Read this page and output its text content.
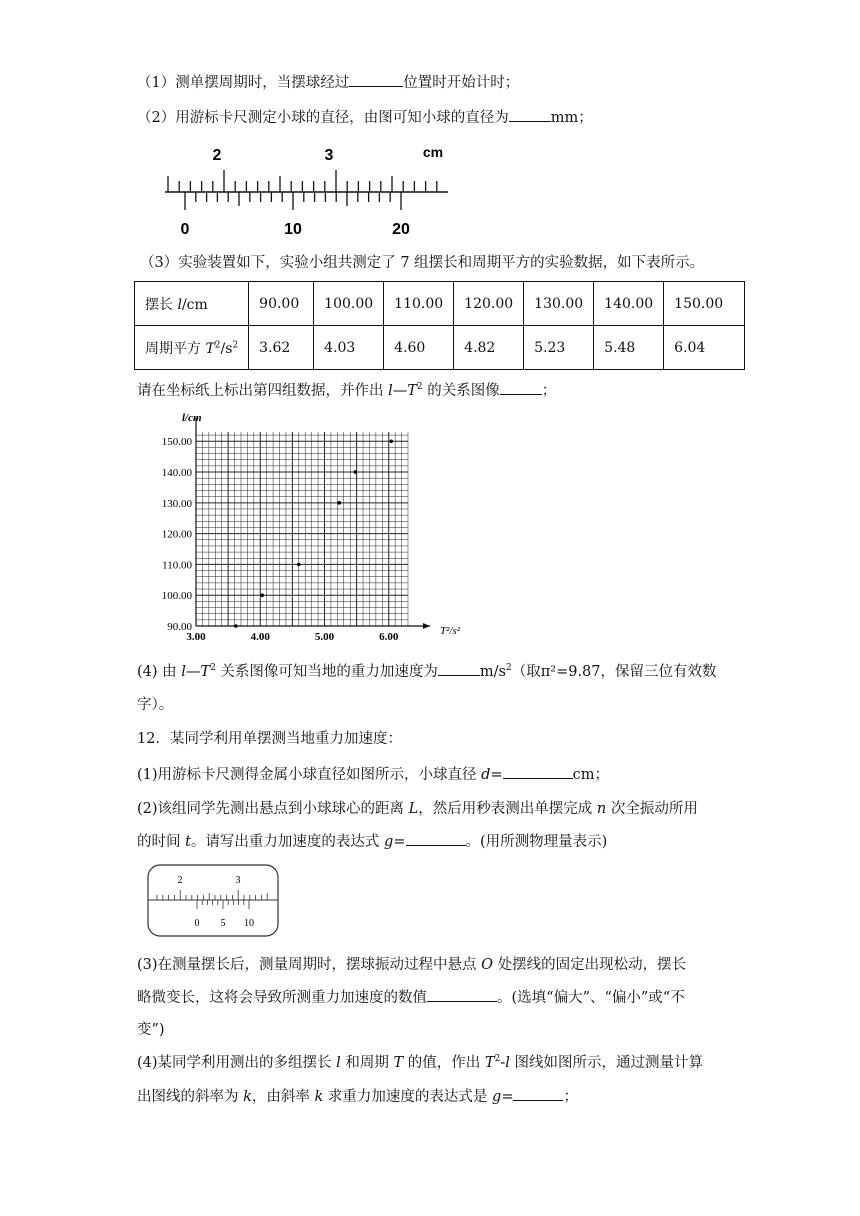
（1）测单摆周期时，当摆球经过	位置时开始计时；
（2）用游标卡尺测定小球的直径，由图可知小球的直径为	mm；
2	3	cm
0	10	20
（3）实验装置如下，实验小组共测定了 7 组摆长和周期平方的实验数据，如下表所示。
摆长 l/cm	90.00	100.00	110.00	120.00	130.00	140.00	150.00
周期平方 $T^2/s^2$	3.62	4.03	4.60	4.82	5.23	5.48	6.04
请在坐标纸上标出第四组数据，并作出 $l—T^2$ 的关系图像	；
l/cm
90.00
100.00
110.00
120.00
130.00
140.00
150.00
3.00	4.00	5.00	6.00	T²/s²
(4) 由 $l—T^2$ 关系图像可知当地的重力加速度为	$m/s^2$（取π²=9.87，保留三位有效数
字）。
12．某同学利用单摆测当地重力加速度：
(1)用游标卡尺测得金属小球直径如图所示，小球直径 d=	cm；
(2)该组同学先测出悬点到小球球心的距离 L，然后用秒表测出单摆完成 n 次全振动所用
的时间 t。请写出重力加速度的表达式 g=	。(用所测物理量表示)
2	3
0 5 10
(3)在测量摆长后，测量周期时，摆球振动过程中悬点 O 处摆线的固定出现松动，摆长
略微变长，这将会导致所测重力加速度的数值	。(选填“偏大”、“偏小”或“不
变”)
(4)某同学利用测出的多组摆长 l 和周期 T 的值，作出 $T^2-l$ 图线如图所示，通过测量计算
出图线的斜率为 k，由斜率 k 求重力加速度的表达式是 g=	；
